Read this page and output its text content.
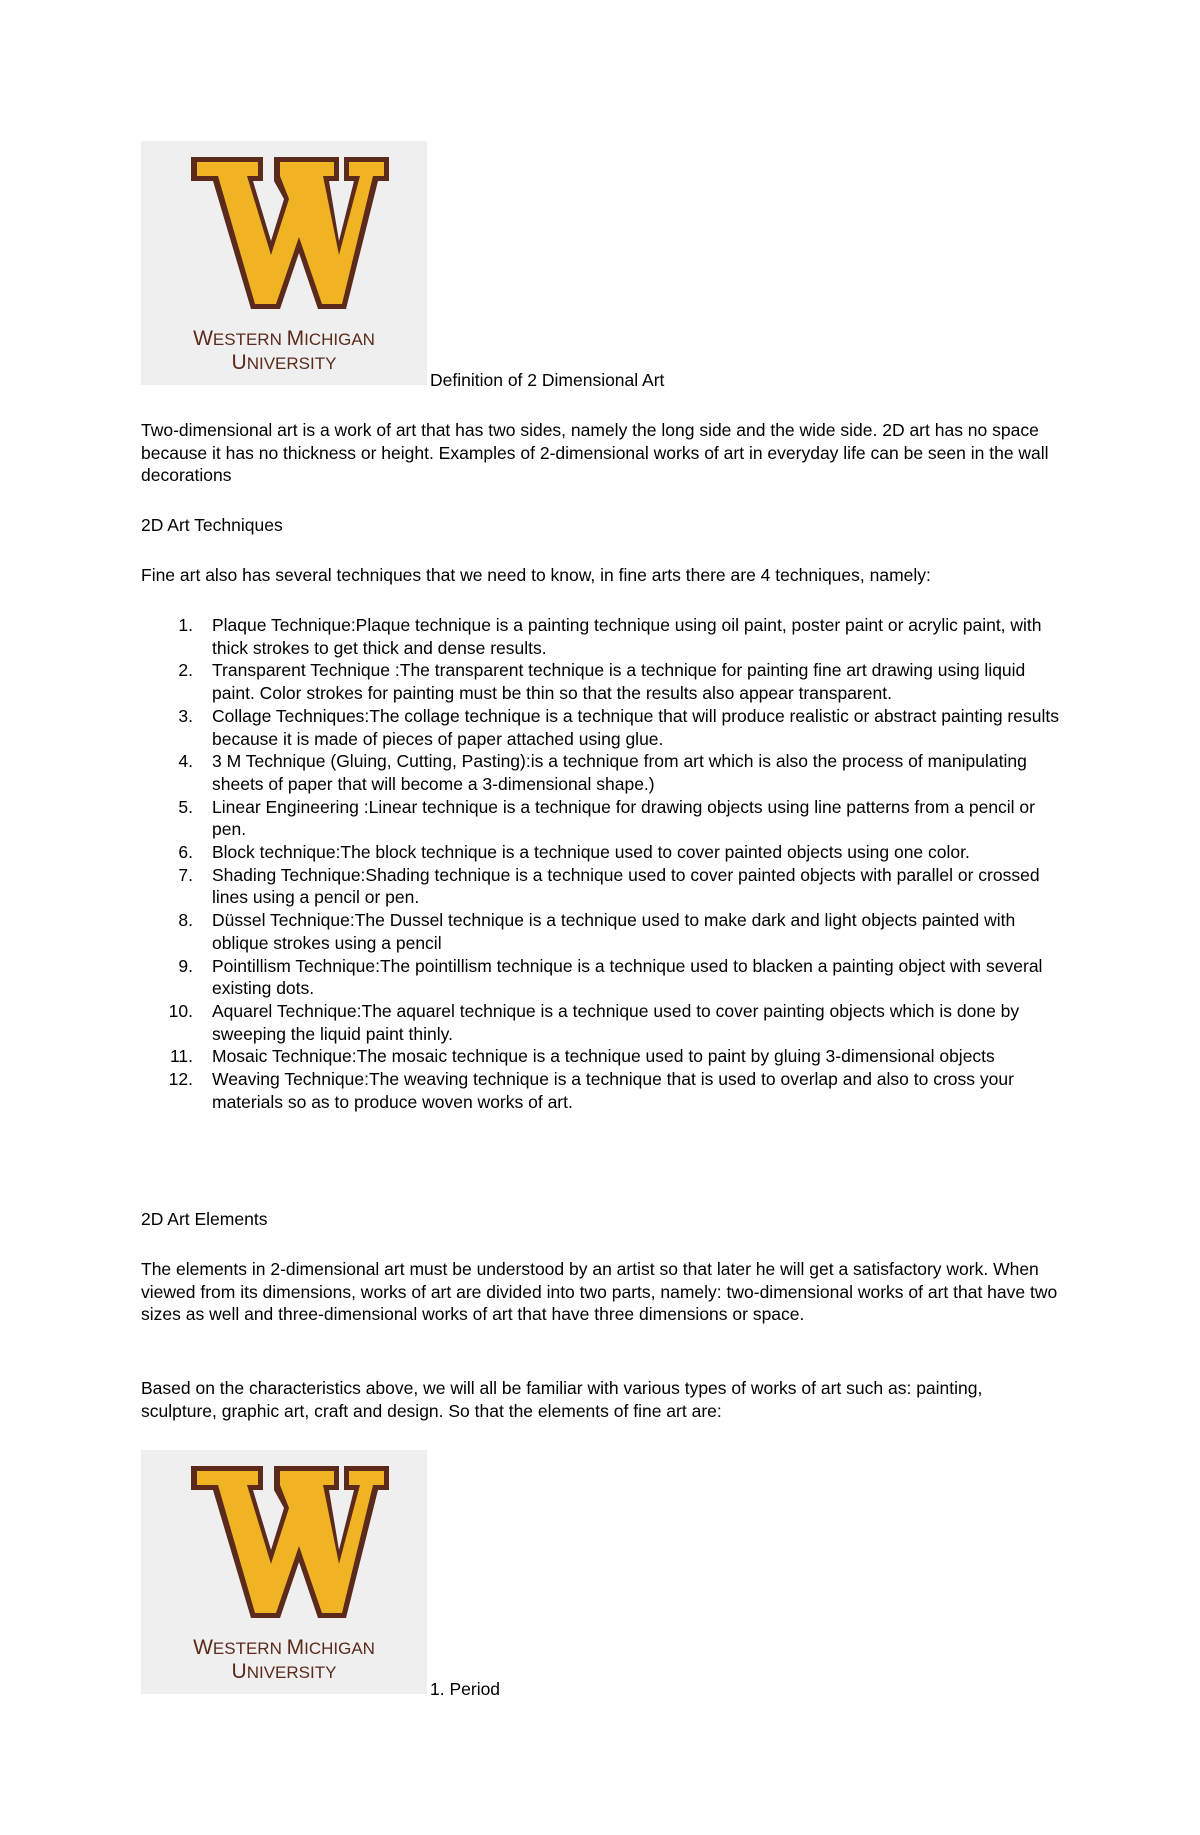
WESTERN MICHIGAN
UNIVERSITY
Definition of 2 Dimensional Art

Two-dimensional art is a work of art that has two sides, namely the long side and the wide side. 2D art has no space because it has no thickness or height. Examples of 2-dimensional works of art in everyday life can be seen in the wall decorations

2D Art Techniques

Fine art also has several techniques that we need to know, in fine arts there are 4 techniques, namely:

1. Plaque Technique:Plaque technique is a painting technique using oil paint, poster paint or acrylic paint, with thick strokes to get thick and dense results.
2. Transparent Technique :The transparent technique is a technique for painting fine art drawing using liquid paint. Color strokes for painting must be thin so that the results also appear transparent.
3. Collage Techniques:The collage technique is a technique that will produce realistic or abstract painting results because it is made of pieces of paper attached using glue.
4. 3 M Technique (Gluing, Cutting, Pasting):is a technique from art which is also the process of manipulating sheets of paper that will become a 3-dimensional shape.)
5. Linear Engineering :Linear technique is a technique for drawing objects using line patterns from a pencil or pen.
6. Block technique:The block technique is a technique used to cover painted objects using one color.
7. Shading Technique:Shading technique is a technique used to cover painted objects with parallel or crossed lines using a pencil or pen.
8. Düssel Technique:The Dussel technique is a technique used to make dark and light objects painted with oblique strokes using a pencil
9. Pointillism Technique:The pointillism technique is a technique used to blacken a painting object with several existing dots.
10. Aquarel Technique:The aquarel technique is a technique used to cover painting objects which is done by sweeping the liquid paint thinly.
11. Mosaic Technique:The mosaic technique is a technique used to paint by gluing 3-dimensional objects
12. Weaving Technique:The weaving technique is a technique that is used to overlap and also to cross your materials so as to produce woven works of art.

2D Art Elements

The elements in 2-dimensional art must be understood by an artist so that later he will get a satisfactory work. When viewed from its dimensions, works of art are divided into two parts, namely: two-dimensional works of art that have two sizes as well and three-dimensional works of art that have three dimensions or space.

Based on the characteristics above, we will all be familiar with various types of works of art such as: painting, sculpture, graphic art, craft and design. So that the elements of fine art are:

WESTERN MICHIGAN
UNIVERSITY
1. Period
